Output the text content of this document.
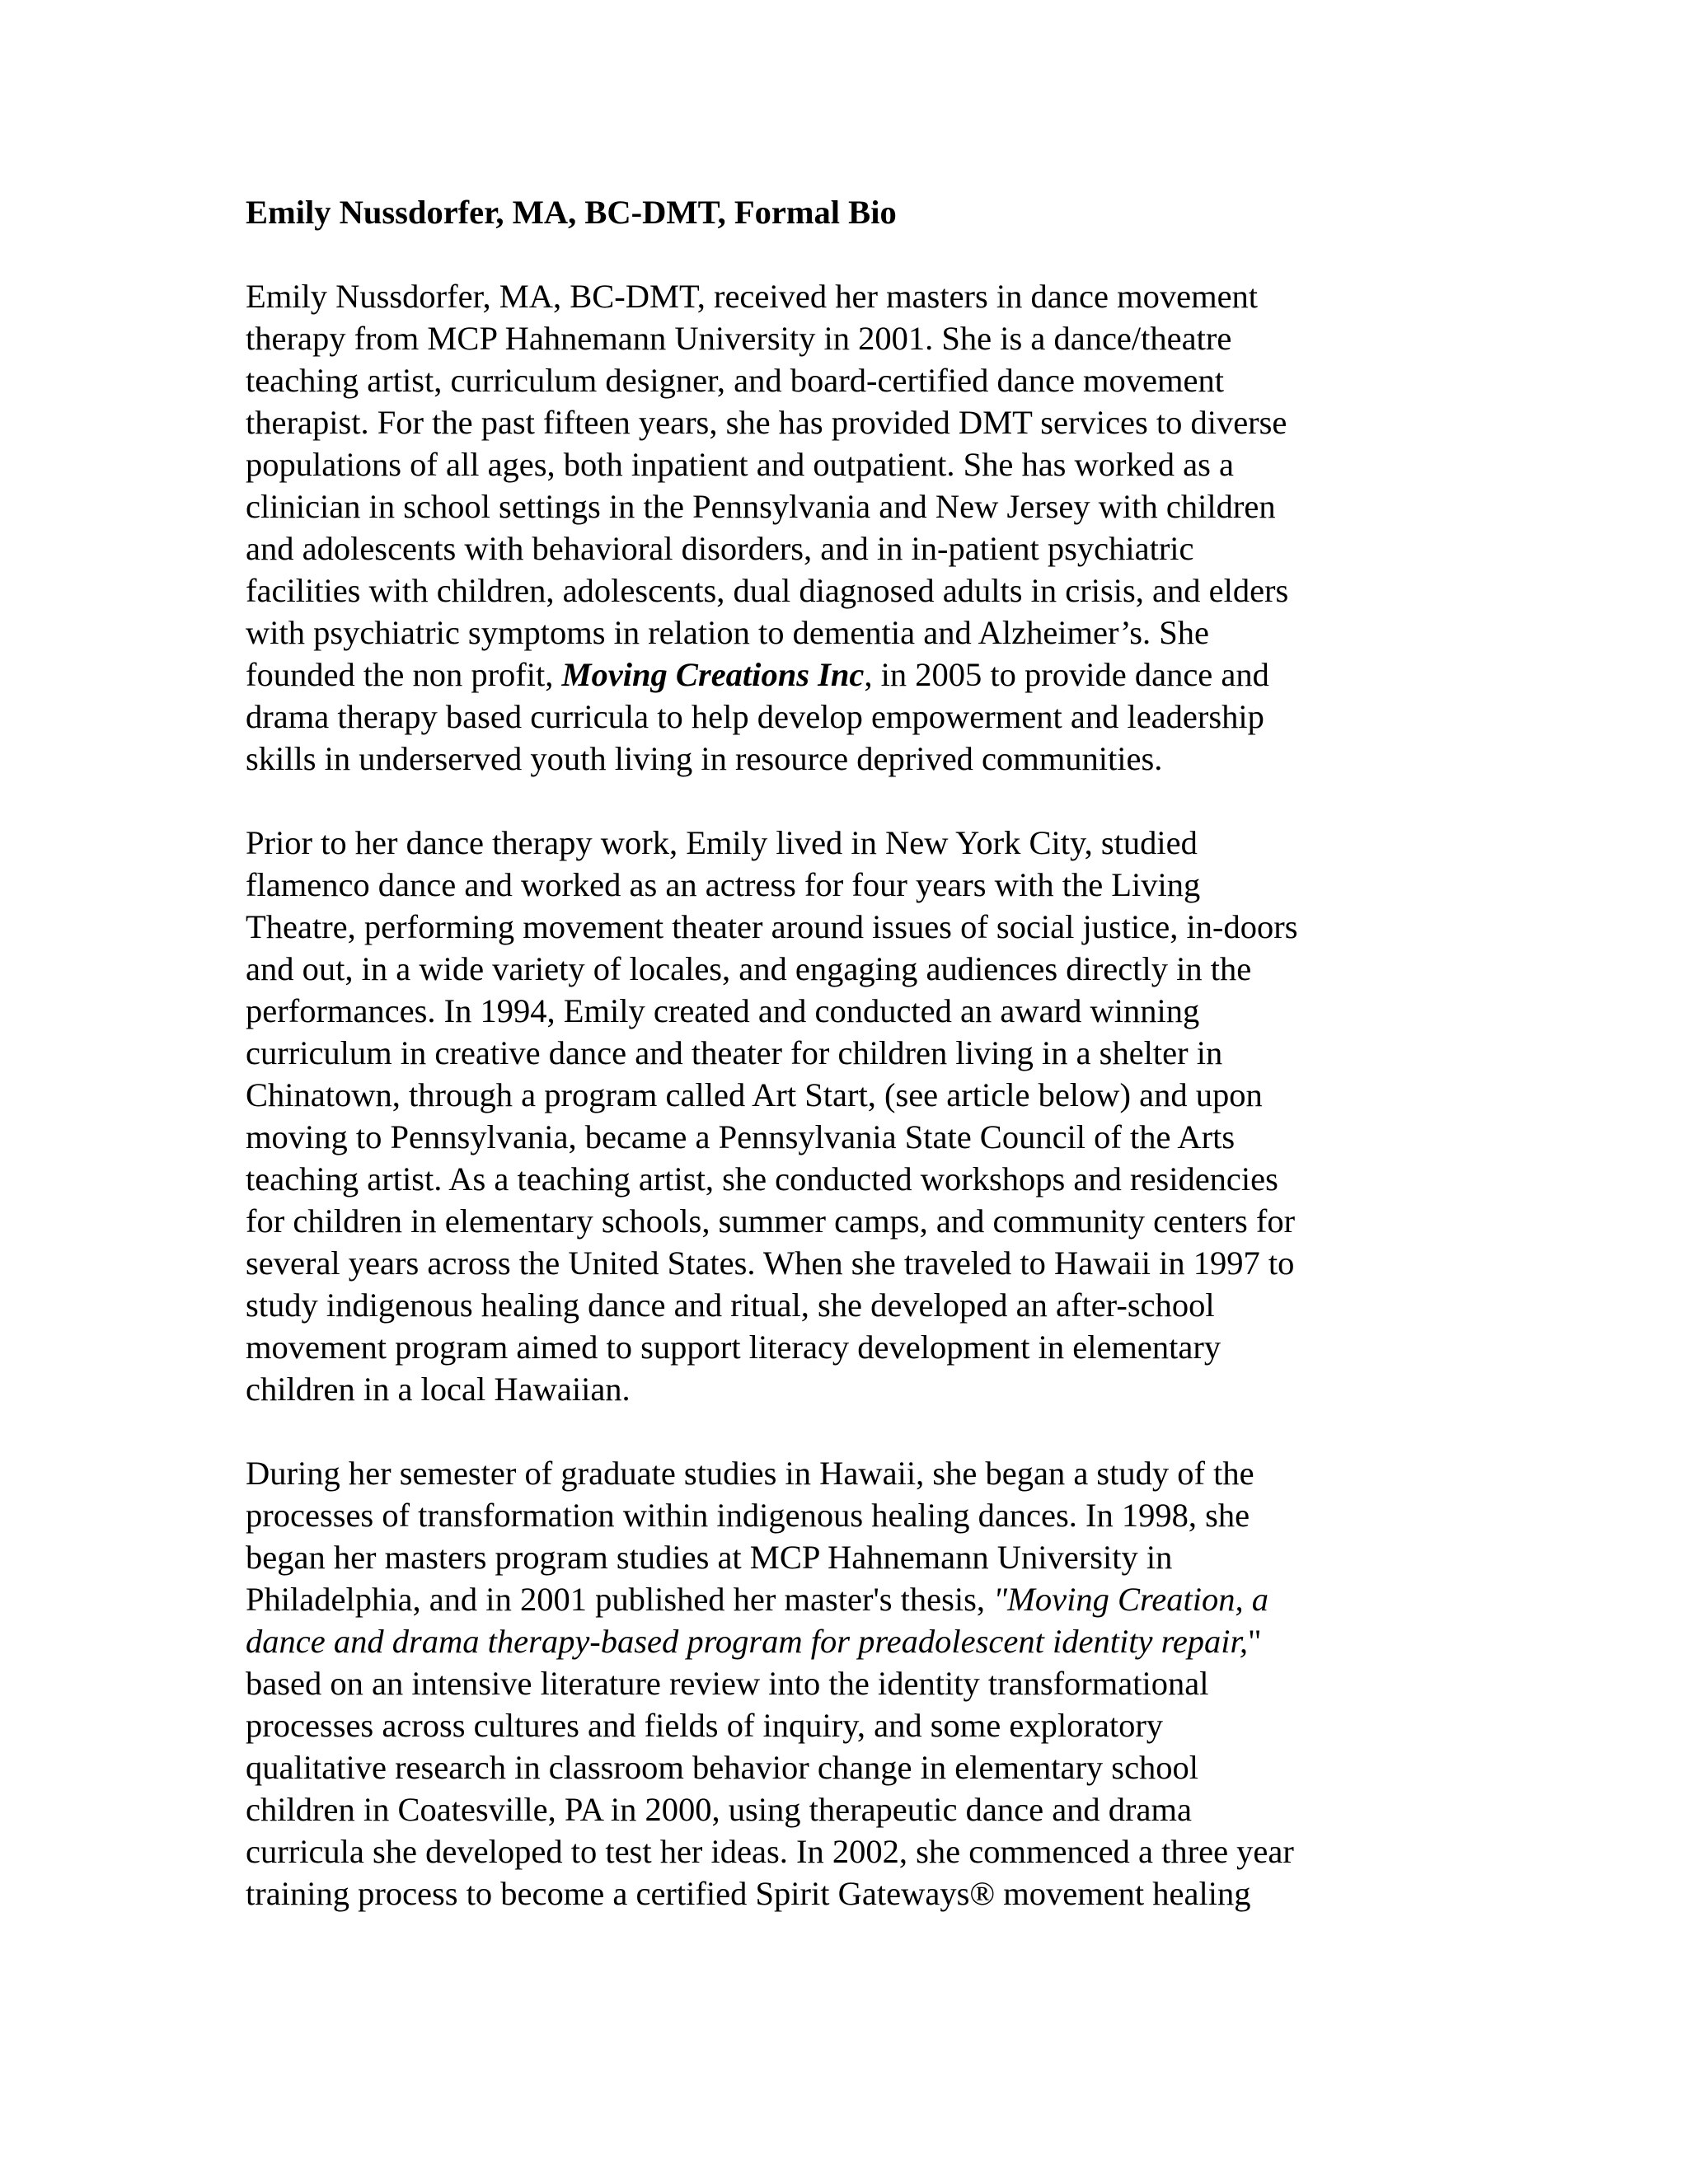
Emily Nussdorfer, MA, BC-DMT, Formal Bio
Emily Nussdorfer, MA, BC-DMT, received her masters in dance movement
therapy from MCP Hahnemann University in 2001. She is a dance/theatre
teaching artist, curriculum designer, and board-certified dance movement
therapist. For the past fifteen years, she has provided DMT services to diverse
populations of all ages, both inpatient and outpatient. She has worked as a
clinician in school settings in the Pennsylvania and New Jersey with children
and adolescents with behavioral disorders, and in in-patient psychiatric
facilities with children, adolescents, dual diagnosed adults in crisis, and elders
with psychiatric symptoms in relation to dementia and Alzheimer’s. She
founded the non profit, Moving Creations Inc, in 2005 to provide dance and
drama therapy based curricula to help develop empowerment and leadership
skills in underserved youth living in resource deprived communities.
Prior to her dance therapy work, Emily lived in New York City, studied
flamenco dance and worked as an actress for four years with the Living
Theatre, performing movement theater around issues of social justice, in-doors
and out, in a wide variety of locales, and engaging audiences directly in the
performances. In 1994, Emily created and conducted an award winning
curriculum in creative dance and theater for children living in a shelter in
Chinatown, through a program called Art Start, (see article below) and upon
moving to Pennsylvania, became a Pennsylvania State Council of the Arts
teaching artist. As a teaching artist, she conducted workshops and residencies
for children in elementary schools, summer camps, and community centers for
several years across the United States. When she traveled to Hawaii in 1997 to
study indigenous healing dance and ritual, she developed an after-school
movement program aimed to support literacy development in elementary
children in a local Hawaiian.
During her semester of graduate studies in Hawaii, she began a study of the
processes of transformation within indigenous healing dances. In 1998, she
began her masters program studies at MCP Hahnemann University in
Philadelphia, and in 2001 published her master's thesis, "Moving Creation, a
dance and drama therapy-based program for preadolescent identity repair,"
based on an intensive literature review into the identity transformational
processes across cultures and fields of inquiry, and some exploratory
qualitative research in classroom behavior change in elementary school
children in Coatesville, PA in 2000, using therapeutic dance and drama
curricula she developed to test her ideas. In 2002, she commenced a three year
training process to become a certified Spirit Gateways® movement healing
